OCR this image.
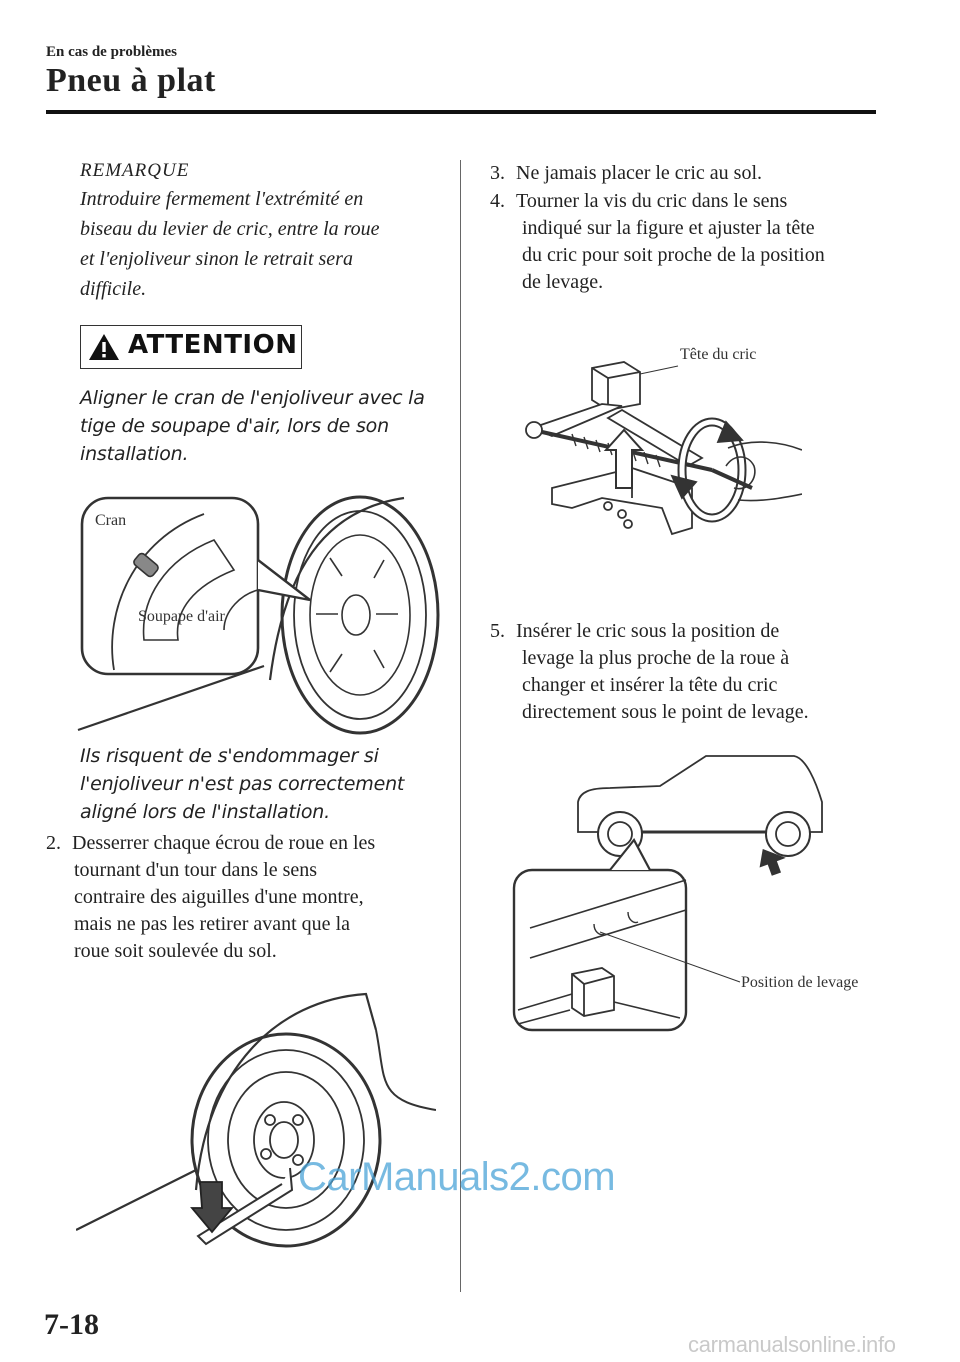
En cas de problèmes
Pneu à plat
REMARQUE
Introduire fermement l'extrémité en
biseau du levier de cric, entre la roue
et l'enjoliveur sinon le retrait sera
difficile.
ATTENTION
Aligner le cran de l'enjoliveur avec la
tige de soupape d'air, lors de son
installation.
Cran
Soupape d'air
Ils risquent de s'endommager si
l'enjoliveur n'est pas correctement
aligné lors de l'installation.
2. Desserrer chaque écrou de roue en les
tournant d'un tour dans le sens
contraire des aiguilles d'une montre,
mais ne pas les retirer avant que la
roue soit soulevée du sol.
3. Ne jamais placer le cric au sol.
4. Tourner la vis du cric dans le sens
indiqué sur la figure et ajuster la tête
du cric pour soit proche de la position
de levage.
Tête du cric
5. Insérer le cric sous la position de
levage la plus proche de la roue à
changer et insérer la tête du cric
directement sous le point de levage.
Position de levage
7-18
CarManuals2.com
carmanualsonline.info
